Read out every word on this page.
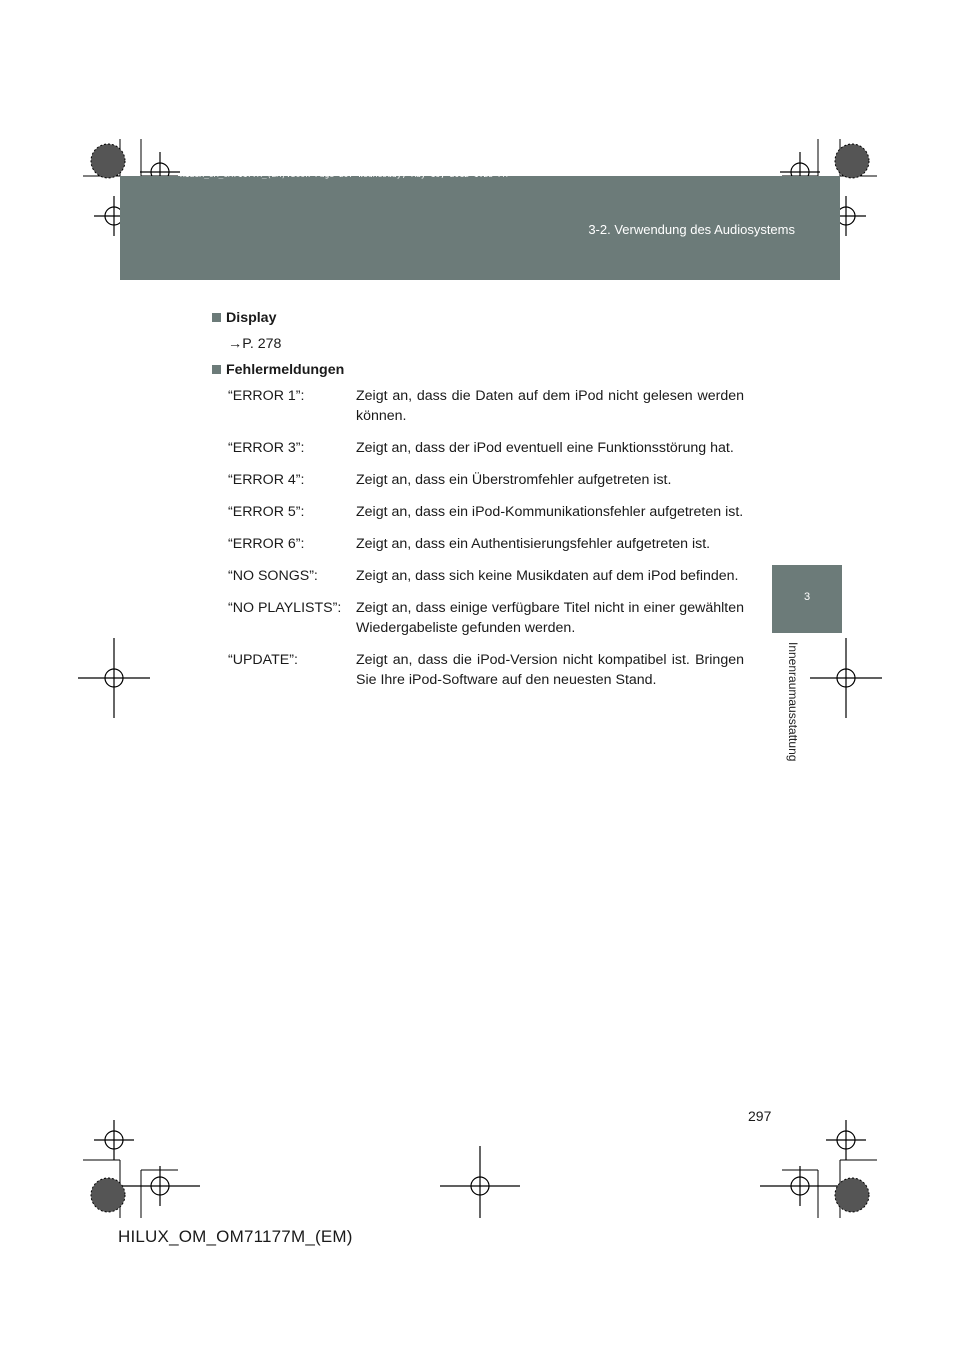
HILUX_OM_OM71177M_(EM).book Page 297 Wednesday, May 16, 2012 1:28 PM
3-2. Verwendung des Audiosystems
3
Innenraumausstattung
Display
→P. 278
Fehlermeldungen
“ERROR 1”:	Zeigt an, dass die Daten auf dem iPod nicht gelesen werden können.
“ERROR 3”:	Zeigt an, dass der iPod eventuell eine Funktionsstörung hat.
“ERROR 4”:	Zeigt an, dass ein Überstromfehler aufgetreten ist.
“ERROR 5”:	Zeigt an, dass ein iPod-Kommunikationsfehler aufgetreten ist.
“ERROR 6”:	Zeigt an, dass ein Authentisierungsfehler aufgetreten ist.
“NO SONGS”:	Zeigt an, dass sich keine Musikdaten auf dem iPod befinden.
“NO PLAYLISTS”:	Zeigt an, dass einige verfügbare Titel nicht in einer gewählten Wiedergabeliste gefunden werden.
“UPDATE”:	Zeigt an, dass die iPod-Version nicht kompatibel ist. Bringen Sie Ihre iPod-Software auf den neuesten Stand.
297
HILUX_OM_OM71177M_(EM)
